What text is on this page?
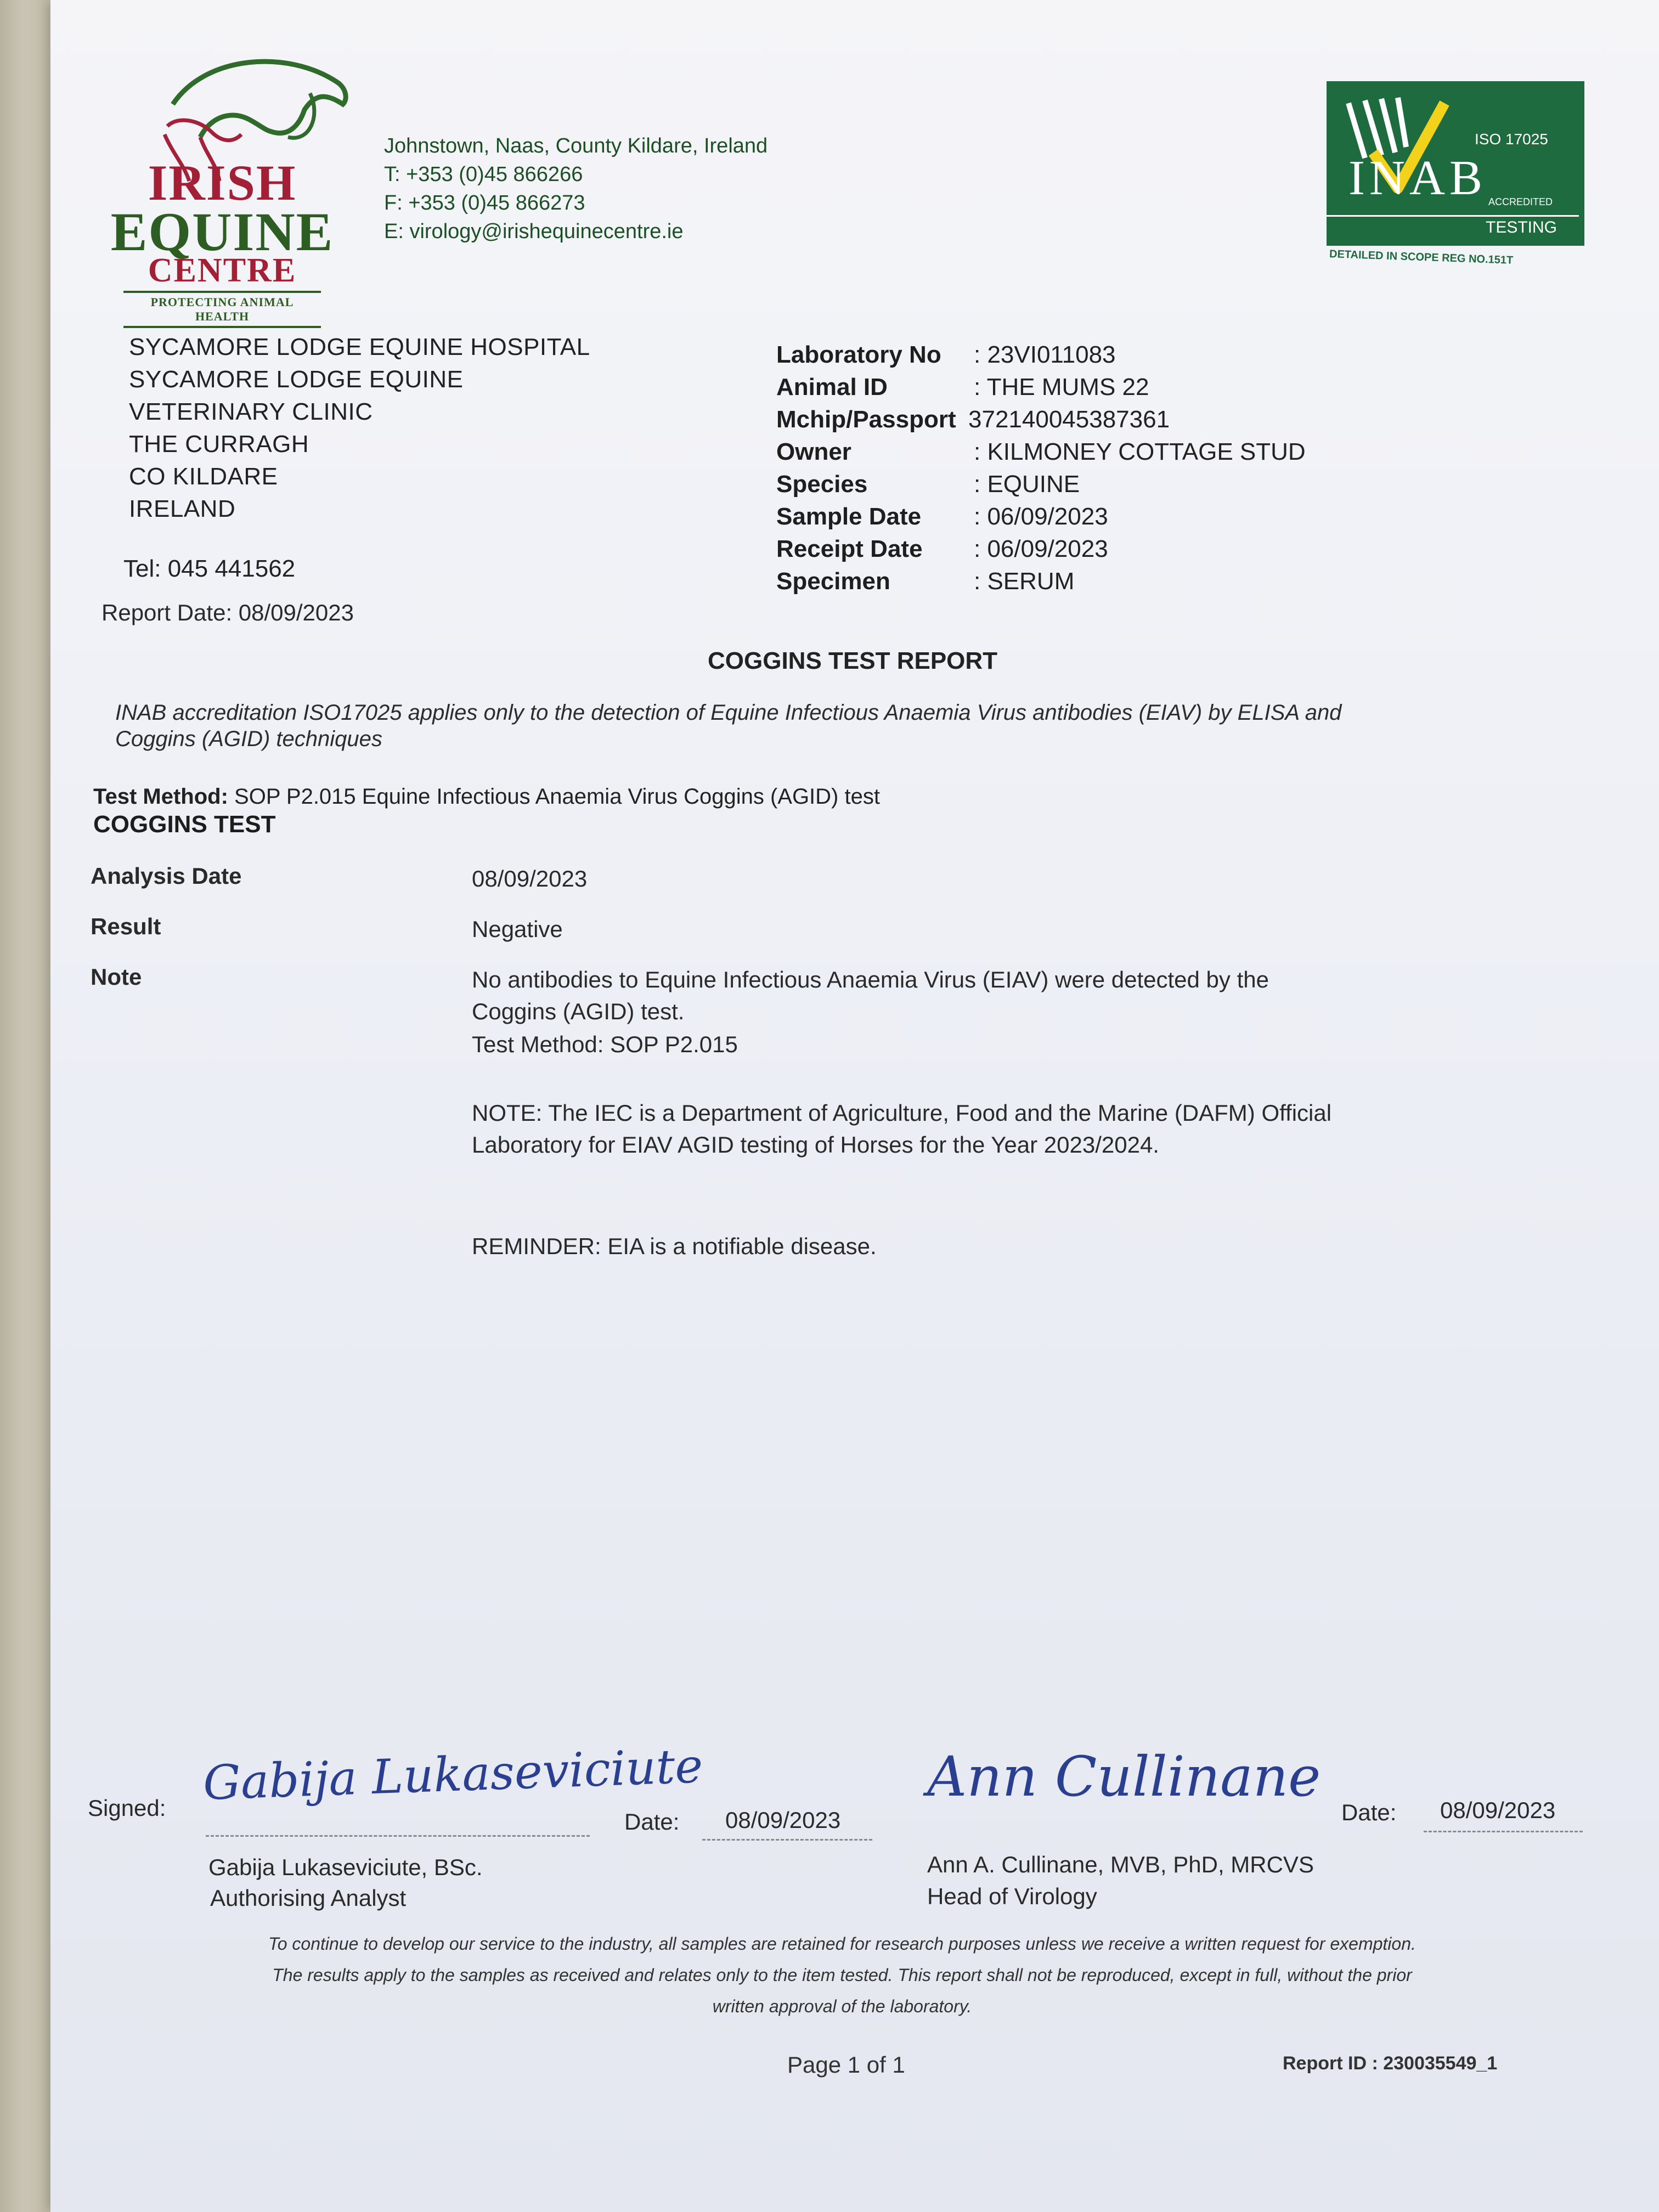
IRISH
EQUINE
CENTRE
PROTECTING ANIMAL HEALTH
Johnstown, Naas, County Kildare, Ireland
T: +353 (0)45 866266
F: +353 (0)45 866273
E: virology@irishequinecentre.ie
ISO 17025
INAB ACCREDITED
TESTING
DETAILED IN SCOPE REG NO.151T
SYCAMORE LODGE EQUINE HOSPITAL
SYCAMORE LODGE EQUINE
VETERINARY CLINIC
THE CURRAGH
CO KILDARE
IRELAND
Tel: 045 441562
Report Date: 08/09/2023
Laboratory No	: 23VI011083
Animal ID	: THE MUMS 22
Mchip/Passport 372140045387361
Owner	: KILMONEY COTTAGE STUD
Species	: EQUINE
Sample Date	: 06/09/2023
Receipt Date	: 06/09/2023
Specimen	: SERUM
COGGINS TEST REPORT
INAB accreditation ISO17025 applies only to the detection of Equine Infectious Anaemia Virus antibodies (EIAV) by ELISA and Coggins (AGID) techniques
Test Method: SOP P2.015 Equine Infectious Anaemia Virus Coggins (AGID) test
COGGINS TEST
Analysis Date	08/09/2023
Result	Negative
Note	No antibodies to Equine Infectious Anaemia Virus (EIAV) were detected by the Coggins (AGID) test.
Test Method: SOP P2.015
NOTE: The IEC is a Department of Agriculture, Food and the Marine (DAFM) Official Laboratory for EIAV AGID testing of Horses for the Year 2023/2024.
REMINDER: EIA is a notifiable disease.
Signed: Gabija Lukaseviciute
Date: 08/09/2023
Gabija Lukaseviciute, BSc.
Authorising Analyst
Ann Cullinane
Date: 08/09/2023
Ann A. Cullinane, MVB, PhD, MRCVS
Head of Virology
To continue to develop our service to the industry, all samples are retained for research purposes unless we receive a written request for exemption.
The results apply to the samples as received and relates only to the item tested. This report shall not be reproduced, except in full, without the prior
written approval of the laboratory.
Page 1 of 1	Report ID : 230035549_1
